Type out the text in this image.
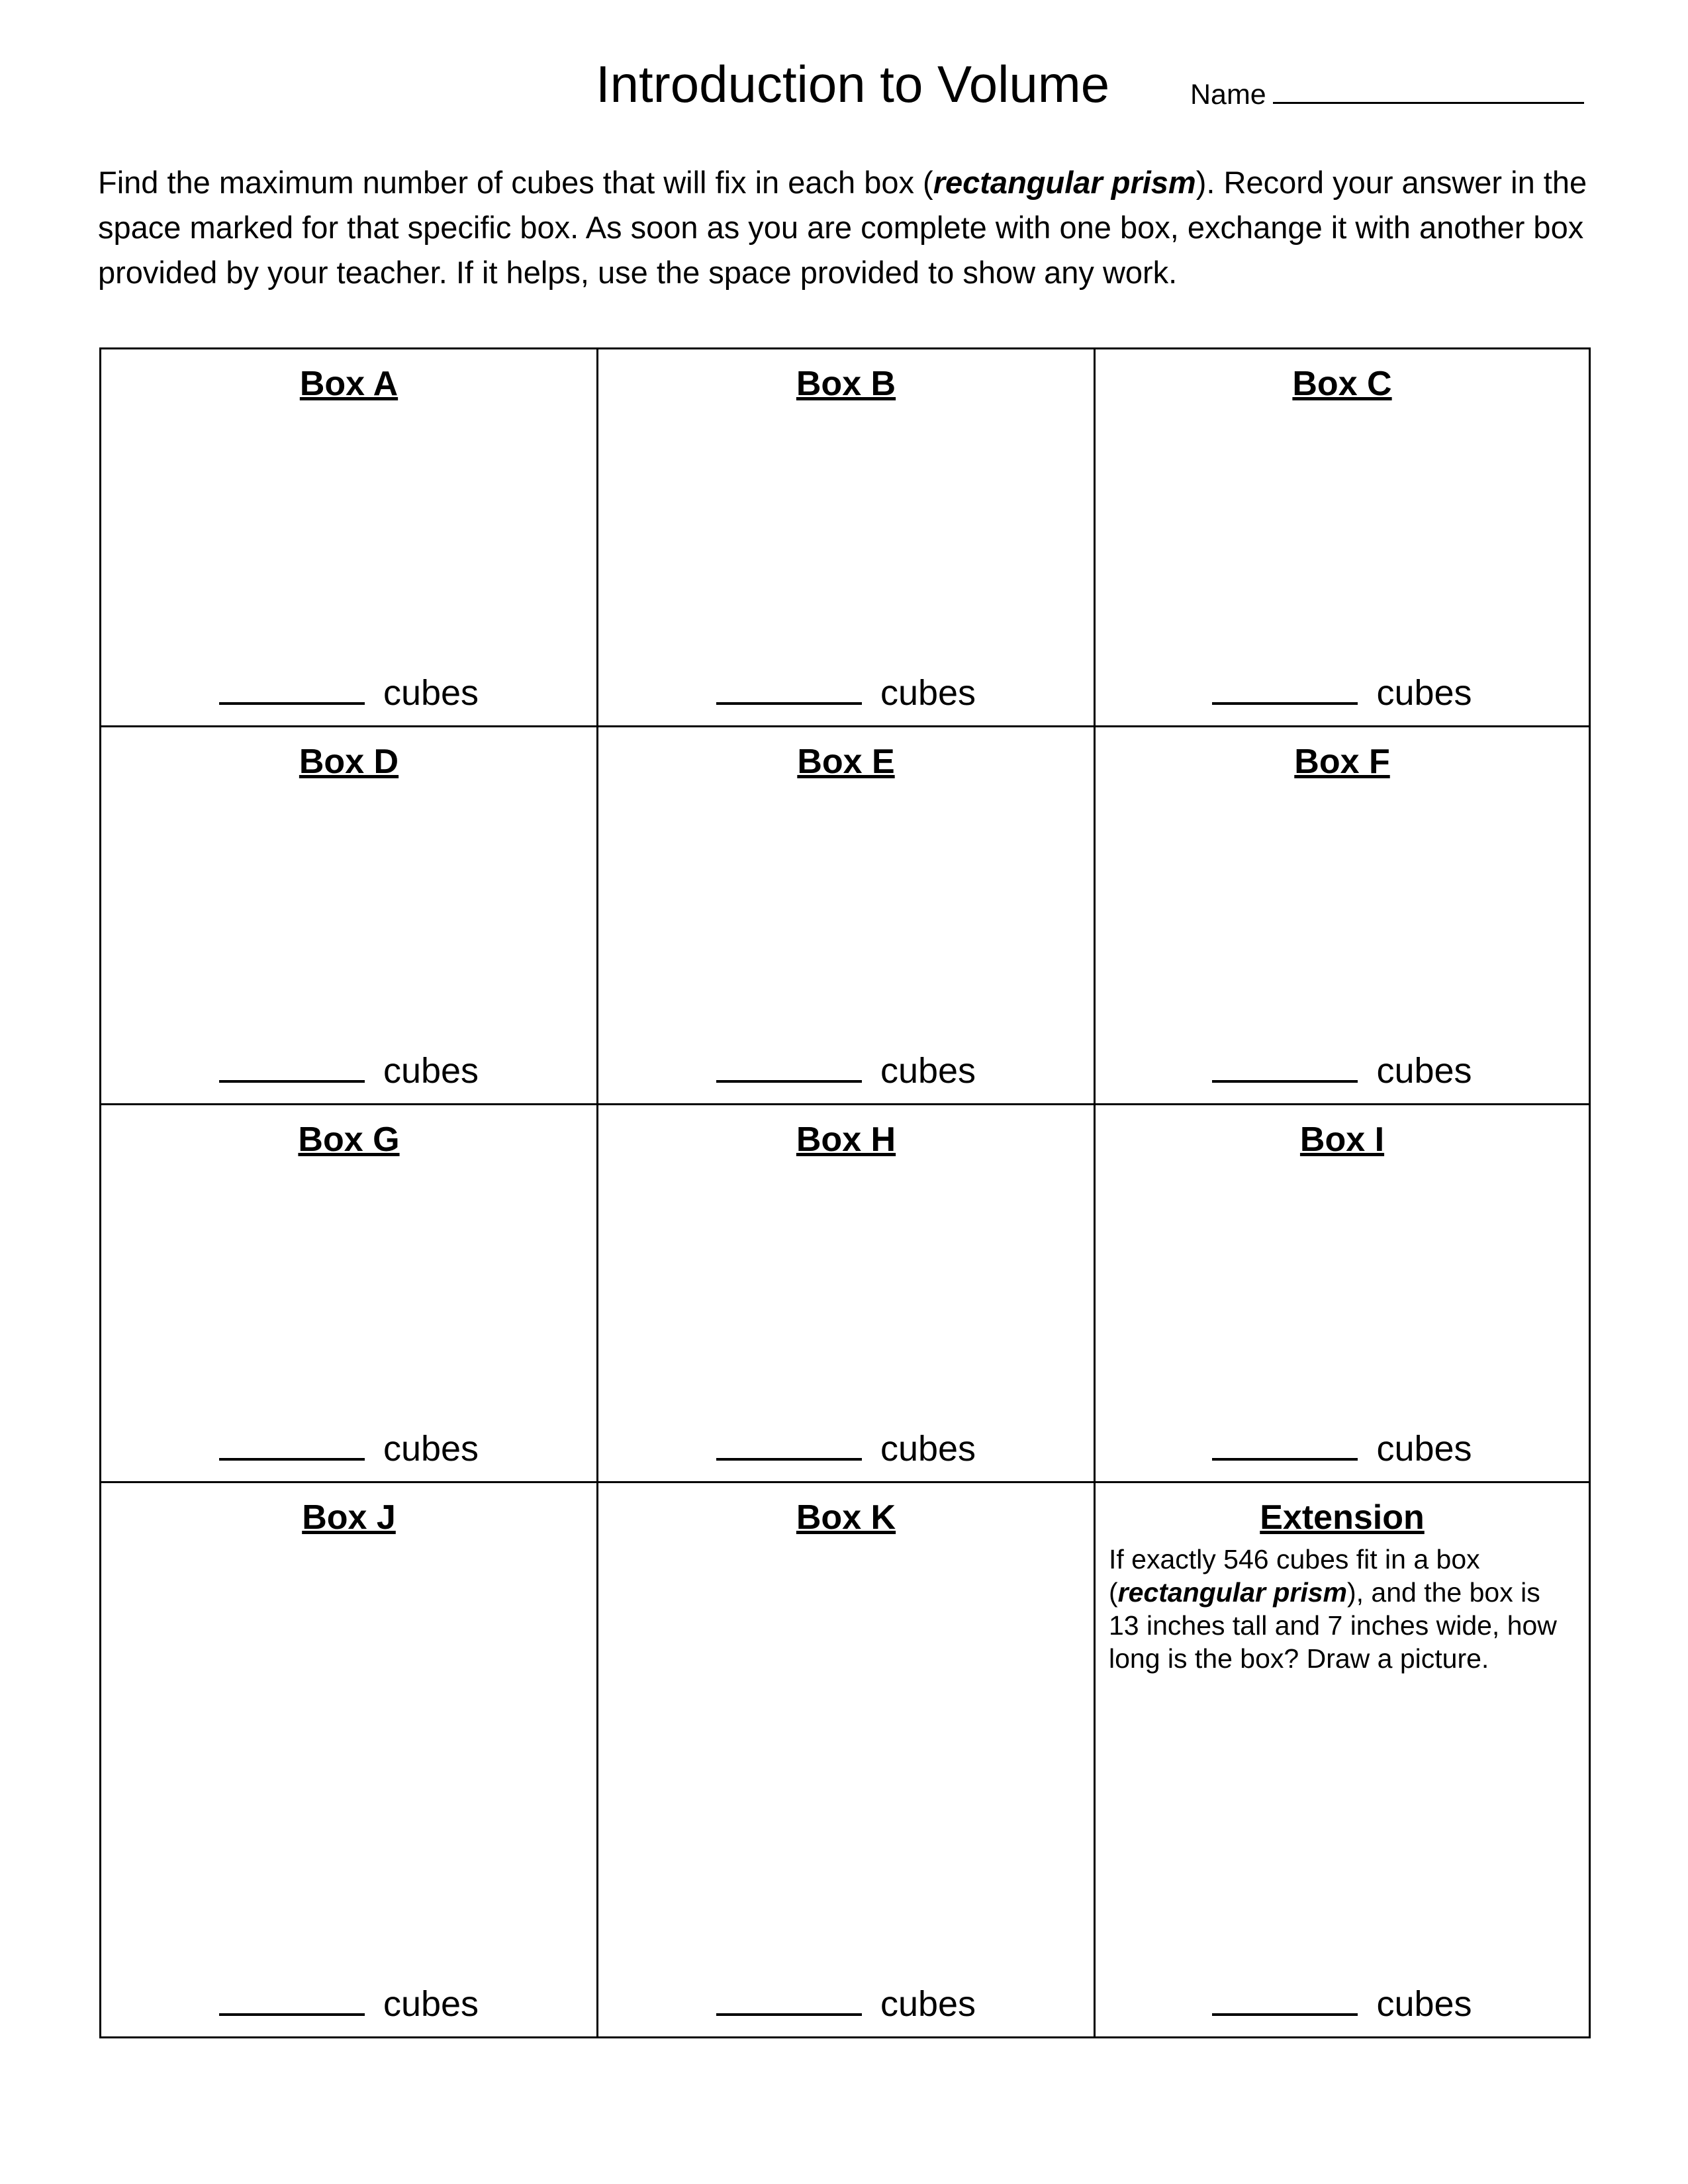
Introduction to Volume	Name
Find the maximum number of cubes that will fix in each box (rectangular prism). Record your answer in the space marked for that specific box. As soon as you are complete with one box, exchange it with another box provided by your teacher. If it helps, use the space provided to show any work.
Box A
cubes
Box B
cubes
Box C
cubes
Box D
cubes
Box E
cubes
Box F
cubes
Box G
cubes
Box H
cubes
Box I
cubes
Box J
cubes
Box K
cubes
Extension
If exactly 546 cubes fit in a box (rectangular prism), and the box is 13 inches tall and 7 inches wide, how long is the box? Draw a picture.
cubes
